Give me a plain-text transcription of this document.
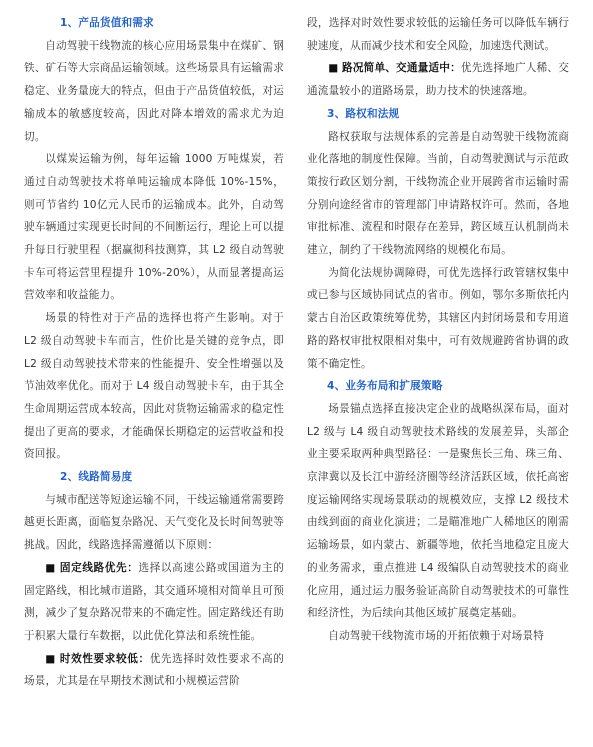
1、产品货值和需求

自动驾驶干线物流的核心应用场景集中在煤矿、钢铁、矿石等大宗商品运输领域。这些场景具有运输需求稳定、业务量庞大的特点，但由于产品货值较低，对运输成本的敏感度较高，因此对降本增效的需求尤为迫切。

以煤炭运输为例，每年运输 1000 万吨煤炭，若通过自动驾驶技术将单吨运输成本降低 10%-15%，则可节省约 10亿元人民币的运输成本。此外，自动驾驶车辆通过实现更长时间的不间断运行，理论上可以提升每日行驶里程（据赢彻科技测算，其 L2 级自动驾驶卡车可将运营里程提升 10%-20%），从而显著提高运营效率和收益能力。

场景的特性对于产品的选择也将产生影响。对于 L2 级自动驾驶卡车而言，性价比是关键的竞争点，即 L2 级自动驾驶技术带来的性能提升、安全性增强以及节油效率优化。而对于 L4 级自动驾驶卡车，由于其全生命周期运营成本较高，因此对货物运输需求的稳定性提出了更高的要求，才能确保长期稳定的运营收益和投资回报。

2、线路简易度

与城市配送等短途运输不同，干线运输通常需要跨越更长距离，面临复杂路况、天气变化及长时间驾驶等挑战。因此，线路选择需遵循以下原则：

■ 固定线路优先：选择以高速公路或国道为主的固定路线，相比城市道路，其交通环境相对简单且可预测，减少了复杂路况带来的不确定性。固定路线还有助于积累大量行车数据，以此优化算法和系统性能。

■ 时效性要求较低：优先选择时效性要求不高的场景，尤其是在早期技术测试和小规模运营阶

段，选择对时效性要求较低的运输任务可以降低车辆行驶速度，从而减少技术和安全风险，加速迭代测试。

■ 路况简单、交通量适中：优先选择地广人稀、交通流量较小的道路场景，助力技术的快速落地。

3、路权和法规

路权获取与法规体系的完善是自动驾驶干线物流商业化落地的制度性保障。当前，自动驾驶测试与示范政策按行政区划分割，干线物流企业开展跨省市运输时需分别向途经省市的管理部门申请路权许可。然而，各地审批标准、流程和时限存在差异，跨区域互认机制尚未建立，制约了干线物流网络的规模化布局。

为简化法规协调障碍，可优先选择行政管辖权集中或已参与区域协同试点的省市。例如，鄂尔多斯依托内蒙古自治区政策统筹优势，其辖区内封闭场景和专用道路的路权审批权限相对集中，可有效规避跨省协调的政策不确定性。

4、业务布局和扩展策略

场景锚点选择直接决定企业的战略纵深布局，面对 L2 级与 L4 级自动驾驶技术路线的发展差异，头部企业主要采取两种典型路径：一是聚焦长三角、珠三角、京津冀以及长江中游经济圈等经济活跃区域，依托高密度运输网络实现场景联动的规模效应，支撑 L2 级技术由线到面的商业化演进；二是瞄准地广人稀地区的刚需运输场景，如内蒙古、新疆等地，依托当地稳定且庞大的业务需求，重点推进 L4 级编队自动驾驶技术的商业化应用，通过运力服务验证高阶自动驾驶技术的可靠性和经济性，为后续向其他区域扩展奠定基础。

自动驾驶干线物流市场的开拓依赖于对场景特
